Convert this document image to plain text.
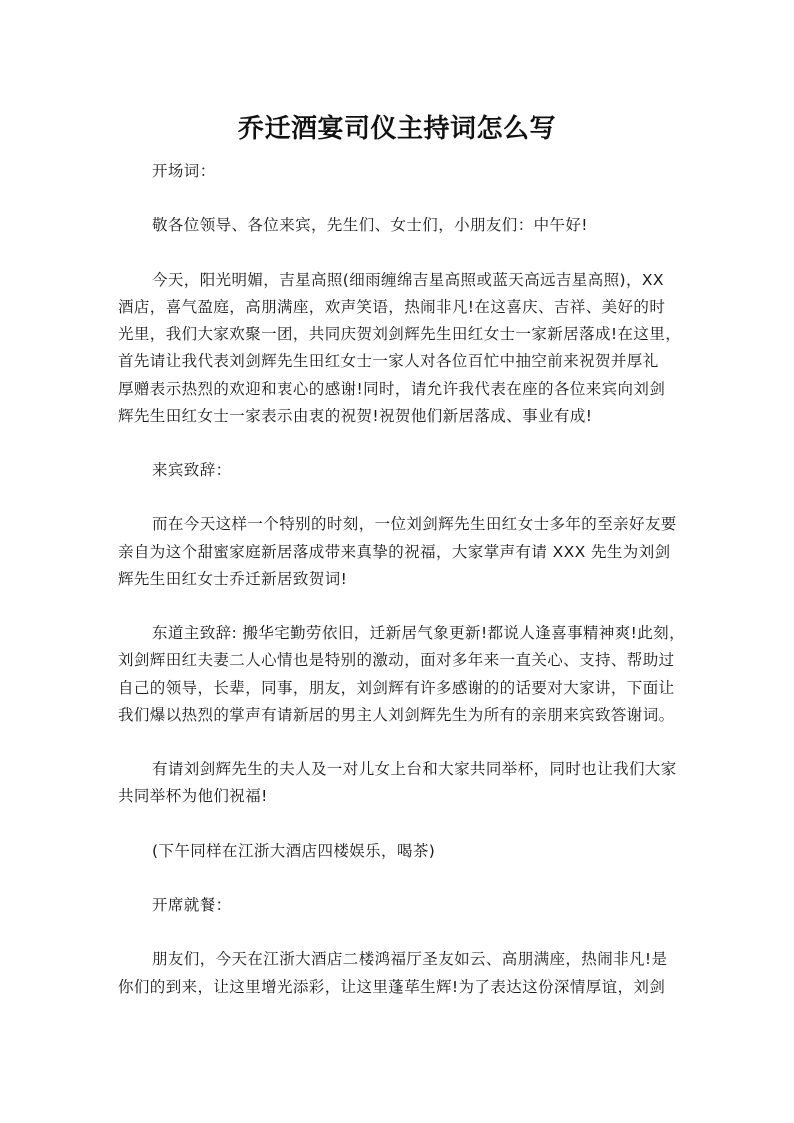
乔迁酒宴司仪主持词怎么写
开场词：
敬各位领导、各位来宾，先生们、女士们，小朋友们：中午好!
今天，阳光明媚，吉星高照(细雨缠绵吉星高照或蓝天高远吉星高照)，XX
酒店，喜气盈庭，高朋满座，欢声笑语，热闹非凡!在这喜庆、吉祥、美好的时
光里，我们大家欢聚一团，共同庆贺刘剑辉先生田红女士一家新居落成!在这里，
首先请让我代表刘剑辉先生田红女士一家人对各位百忙中抽空前来祝贺并厚礼
厚赠表示热烈的欢迎和衷心的感谢!同时，请允许我代表在座的各位来宾向刘剑
辉先生田红女士一家表示由衷的祝贺!祝贺他们新居落成、事业有成!
来宾致辞：
而在今天这样一个特别的时刻，一位刘剑辉先生田红女士多年的至亲好友要
亲自为这个甜蜜家庭新居落成带来真挚的祝福，大家掌声有请 XXX 先生为刘剑
辉先生田红女士乔迁新居致贺词!
东道主致辞: 搬华宅勤劳依旧，迁新居气象更新!都说人逢喜事精神爽!此刻，
刘剑辉田红夫妻二人心情也是特别的激动，面对多年来一直关心、支持、帮助过
自己的领导，长辈，同事，朋友，刘剑辉有许多感谢的的话要对大家讲，下面让
我们爆以热烈的掌声有请新居的男主人刘剑辉先生为所有的亲朋来宾致答谢词。
有请刘剑辉先生的夫人及一对儿女上台和大家共同举杯，同时也让我们大家
共同举杯为他们祝福!
(下午同样在江浙大酒店四楼娱乐，喝茶)
开席就餐：
朋友们，今天在江浙大酒店二楼鸿福厅圣友如云、高朋满座，热闹非凡!是
你们的到来，让这里增光添彩，让这里蓬荜生辉!为了表达这份深情厚谊，刘剑
